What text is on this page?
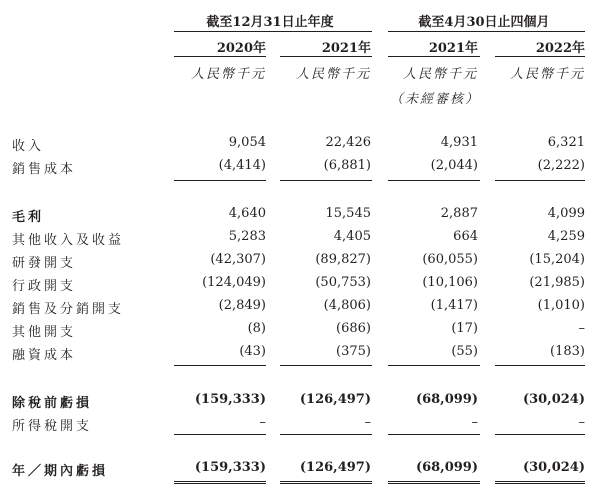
截至12月31日止年度	截至4月30日止四個月
2020年	2021年	2021年	2022年
人民幣千元	人民幣千元	人民幣千元	人民幣千元
（未經審核）
收入	9,054	22,426	4,931	6,321
銷售成本	(4,414)	(6,881)	(2,044)	(2,222)
毛利	4,640	15,545	2,887	4,099
其他收入及收益	5,283	4,405	664	4,259
研發開支	(42,307)	(89,827)	(60,055)	(15,204)
行政開支	(124,049)	(50,753)	(10,106)	(21,985)
銷售及分銷開支	(2,849)	(4,806)	(1,417)	(1,010)
其他開支	(8)	(686)	(17)	–
融資成本	(43)	(375)	(55)	(183)
除稅前虧損	(159,333)	(126,497)	(68,099)	(30,024)
所得稅開支	–	–	–	–
年／期內虧損	(159,333)	(126,497)	(68,099)	(30,024)
